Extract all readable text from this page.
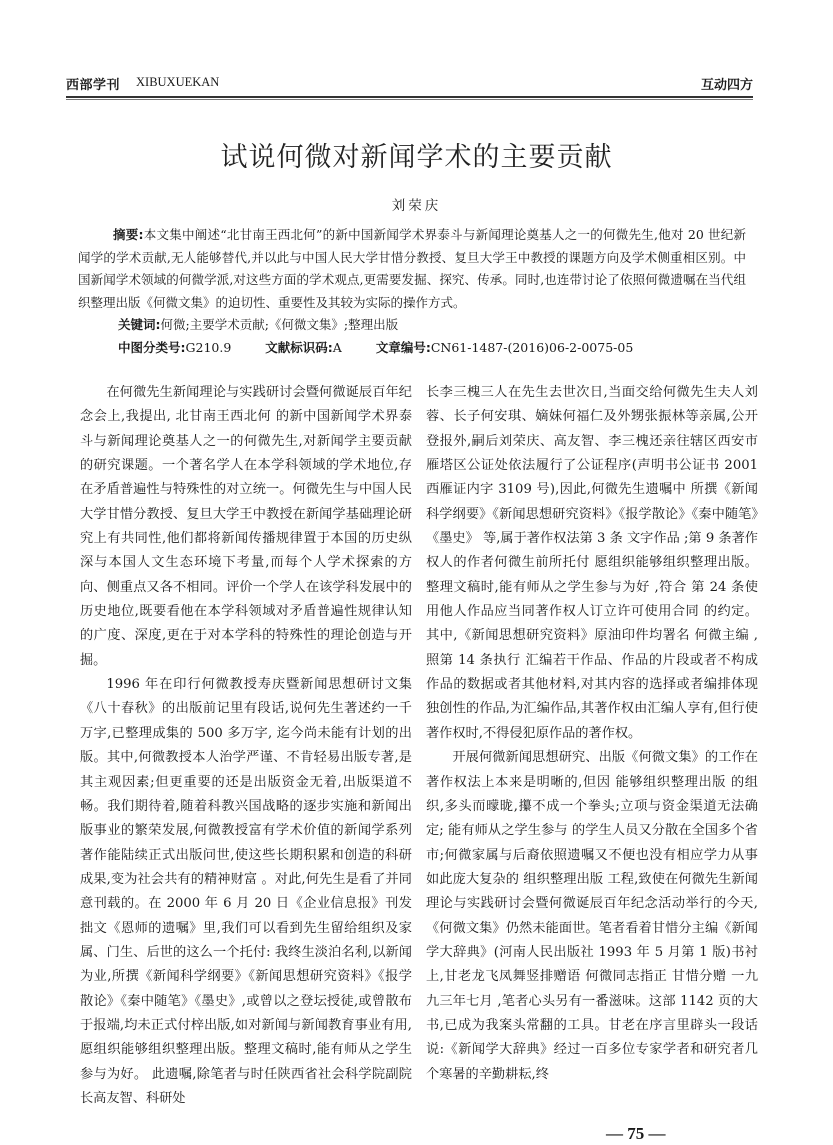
西部学刊 XIBUXUEKAN	互动四方
试说何微对新闻学术的主要贡献
刘荣庆
摘要:本文集中阐述“北甘南王西北何”的新中国新闻学术界泰斗与新闻理论奠基人之一的何微先生,他对 20 世纪新闻学的学术贡献,无人能够替代,并以此与中国人民大学甘惜分教授、复旦大学王中教授的课题方向及学术侧重相区别。中国新闻学术领域的何微学派,对这些方面的学术观点,更需要发掘、探究、传承。同时,也连带讨论了依照何微遗嘱在当代组织整理出版《何微文集》的迫切性、重要性及其较为实际的操作方式。
关键词:何微;主要学术贡献;《何微文集》;整理出版
中图分类号:G210.9	文献标识码:A	文章编号:CN61-1487-(2016)06-2-0075-05

在何微先生新闻理论与实践研讨会暨何微诞辰百年纪念会上,我提出, 北甘南王西北何 的新中国新闻学术界泰斗与新闻理论奠基人之一的何微先生,对新闻学主要贡献的研究课题。一个著名学人在本学科领域的学术地位,存在矛盾普遍性与特殊性的对立统一。何微先生与中国人民大学甘惜分教授、复旦大学王中教授在新闻学基础理论研究上有共同性,他们都将新闻传播规律置于本国的历史纵深与本国人文生态环境下考量,而每个人学术探索的方向、侧重点又各不相同。评价一个学人在该学科发展中的历史地位,既要看他在本学科领域对矛盾普遍性规律认知的广度、深度,更在于对本学科的特殊性的理论创造与开掘。

1996 年在印行何微教授寿庆暨新闻思想研讨文集《八十春秋》的出版前记里有段话,说何先生著述约一千万字,已整理成集的 500 多万字, 迄今尚未能有计划的出版。其中,何微教授本人治学严谨、不肯轻易出版专著,是其主观因素;但更重要的还是出版资金无着,出版渠道不畅。我们期待着,随着科教兴国战略的逐步实施和新闻出版事业的繁荣发展,何微教授富有学术价值的新闻学系列著作能陆续正式出版问世,使这些长期积累和创造的科研成果,变为社会共有的精神财富 。对此,何先生是看了并同意刊载的。在 2000 年 6 月 20 日《企业信息报》刊发拙文《恩师的遗嘱》里,我们可以看到先生留给组织及家属、门生、后世的这么一个托付: 我终生淡泊名利,以新闻为业,所撰《新闻科学纲要》《新闻思想研究资料》《报学散论》《秦中随笔》《墨史》,或曾以之登坛授徒,或曾散布于报端,均未正式付梓出版,如对新闻与新闻教育事业有用,愿组织能够组织整理出版。整理文稿时,能有师从之学生参与为好。 此遗嘱,除笔者与时任陕西省社会科学院副院长高友智、科研处

长李三槐三人在先生去世次日,当面交给何微先生夫人刘蓉、长子何安琪、嫡妹何福仁及外甥张振林等亲属,公开登报外,嗣后刘荣庆、高友智、李三槐还亲往辖区西安市雁塔区公证处依法履行了公证程序(声明书公证书 2001 西雁证内字 3109 号),因此,何微先生遗嘱中 所撰《新闻科学纲要》《新闻思想研究资料》《报学散论》《秦中随笔》《墨史》 等,属于著作权法第 3 条 文字作品 ;第 9 条著作权人的作者何微生前所托付 愿组织能够组织整理出版。整理文稿时,能有师从之学生参与为好 ,符合 第 24 条使用他人作品应当同著作权人订立许可使用合同 的约定。其中,《新闻思想研究资料》原油印件均署名 何微主编 ,照第 14 条执行 汇编若干作品、作品的片段或者不构成作品的数据或者其他材料,对其内容的选择或者编排体现独创性的作品,为汇编作品,其著作权由汇编人享有,但行使著作权时,不得侵犯原作品的著作权。

开展何微新闻思想研究、出版《何微文集》的工作在著作权法上本来是明晰的,但因 能够组织整理出版 的组织,多头而曚昽,攥不成一个拳头;立项与资金渠道无法确定; 能有师从之学生参与 的学生人员又分散在全国多个省市;何微家属与后裔依照遗嘱又不便也没有相应学力从事如此庞大复杂的 组织整理出版 工程,致使在何微先生新闻理论与实践研讨会暨何微诞辰百年纪念活动举行的今天,《何微文集》仍然未能面世。笔者看着甘惜分主编《新闻学大辞典》(河南人民出版社 1993 年 5 月第 1 版)书衬上,甘老龙飞凤舞竖排赠语 何微同志指正 甘惜分赠 一九九三年七月 ,笔者心头另有一番滋味。这部 1142 页的大书,已成为我案头常翻的工具。甘老在序言里辟头一段话说:《新闻学大辞典》经过一百多位专家学者和研究者几个寒暑的辛勤耕耘,终

— 75 —
